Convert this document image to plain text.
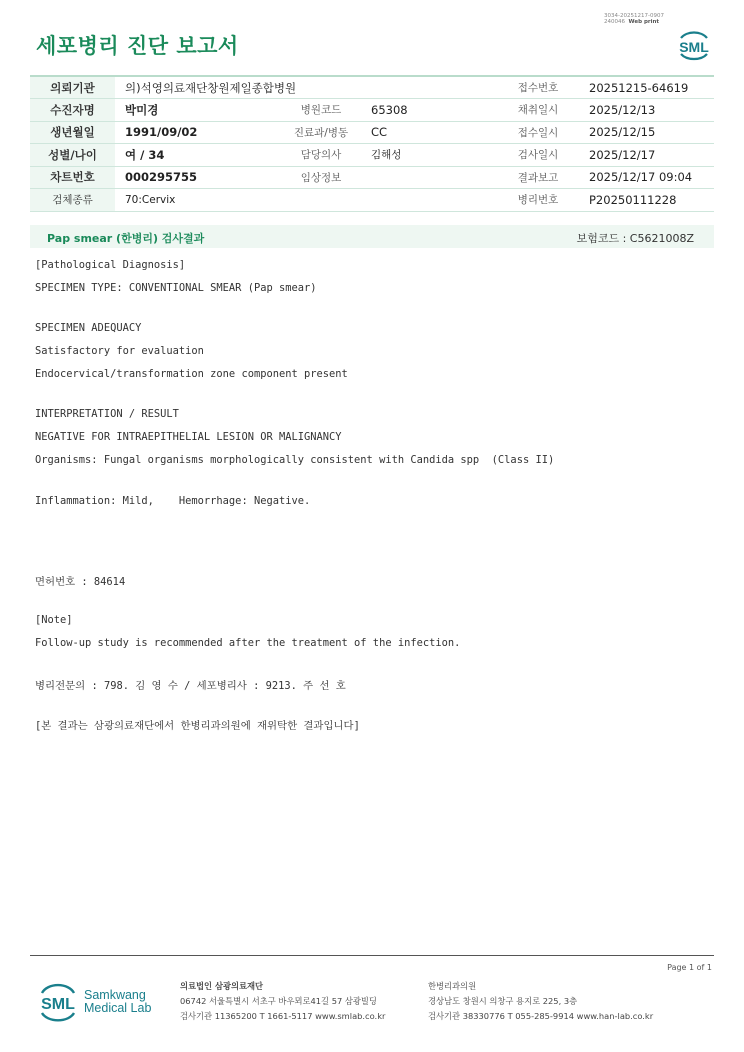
세포병리 진단 보고서
3034-20251217-0907
240046 Web print
SML
의뢰기관	의)석영의료재단창원제일종합병원			접수번호	20251215-64619
수진자명	박미경	병원코드	65308	채취일시	2025/12/13
생년월일	1991/09/02	진료과/병동	CC	접수일시	2025/12/15
성별/나이	여 / 34	담당의사	김해성	검사일시	2025/12/17
차트번호	000295755	임상정보		결과보고	2025/12/17 09:04
검체종류	70:Cervix			병리번호	P20250111228
Pap smear (한병리) 검사결과	보험코드 : C5621008Z
[Pathological Diagnosis]
SPECIMEN TYPE: CONVENTIONAL SMEAR (Pap smear)
SPECIMEN ADEQUACY
Satisfactory for evaluation
Endocervical/transformation zone component present
INTERPRETATION / RESULT
NEGATIVE FOR INTRAEPITHELIAL LESION OR MALIGNANCY
Organisms: Fungal organisms morphologically consistent with Candida spp  (Class II)
Inflammation: Mild,    Hemorrhage: Negative.
면허번호 : 84614
[Note]
Follow-up study is recommended after the treatment of the infection.
병리전문의 : 798. 김 영 수 / 세포병리사 : 9213. 주 선 호
[본 결과는 삼광의료재단에서 한병리과의원에 재위탁한 결과입니다]
Page 1 of 1
SML
Samkwang
Medical Lab
의료법인 삼광의료재단
06742 서울특별시 서초구 바우뫼로41길 57 삼광빌딩
검사기관 11365200 T 1661-5117 www.smlab.co.kr
한병리과의원
경상남도 창원시 의창구 용지로 225, 3층
검사기관 38330776 T 055-285-9914 www.han-lab.co.kr
